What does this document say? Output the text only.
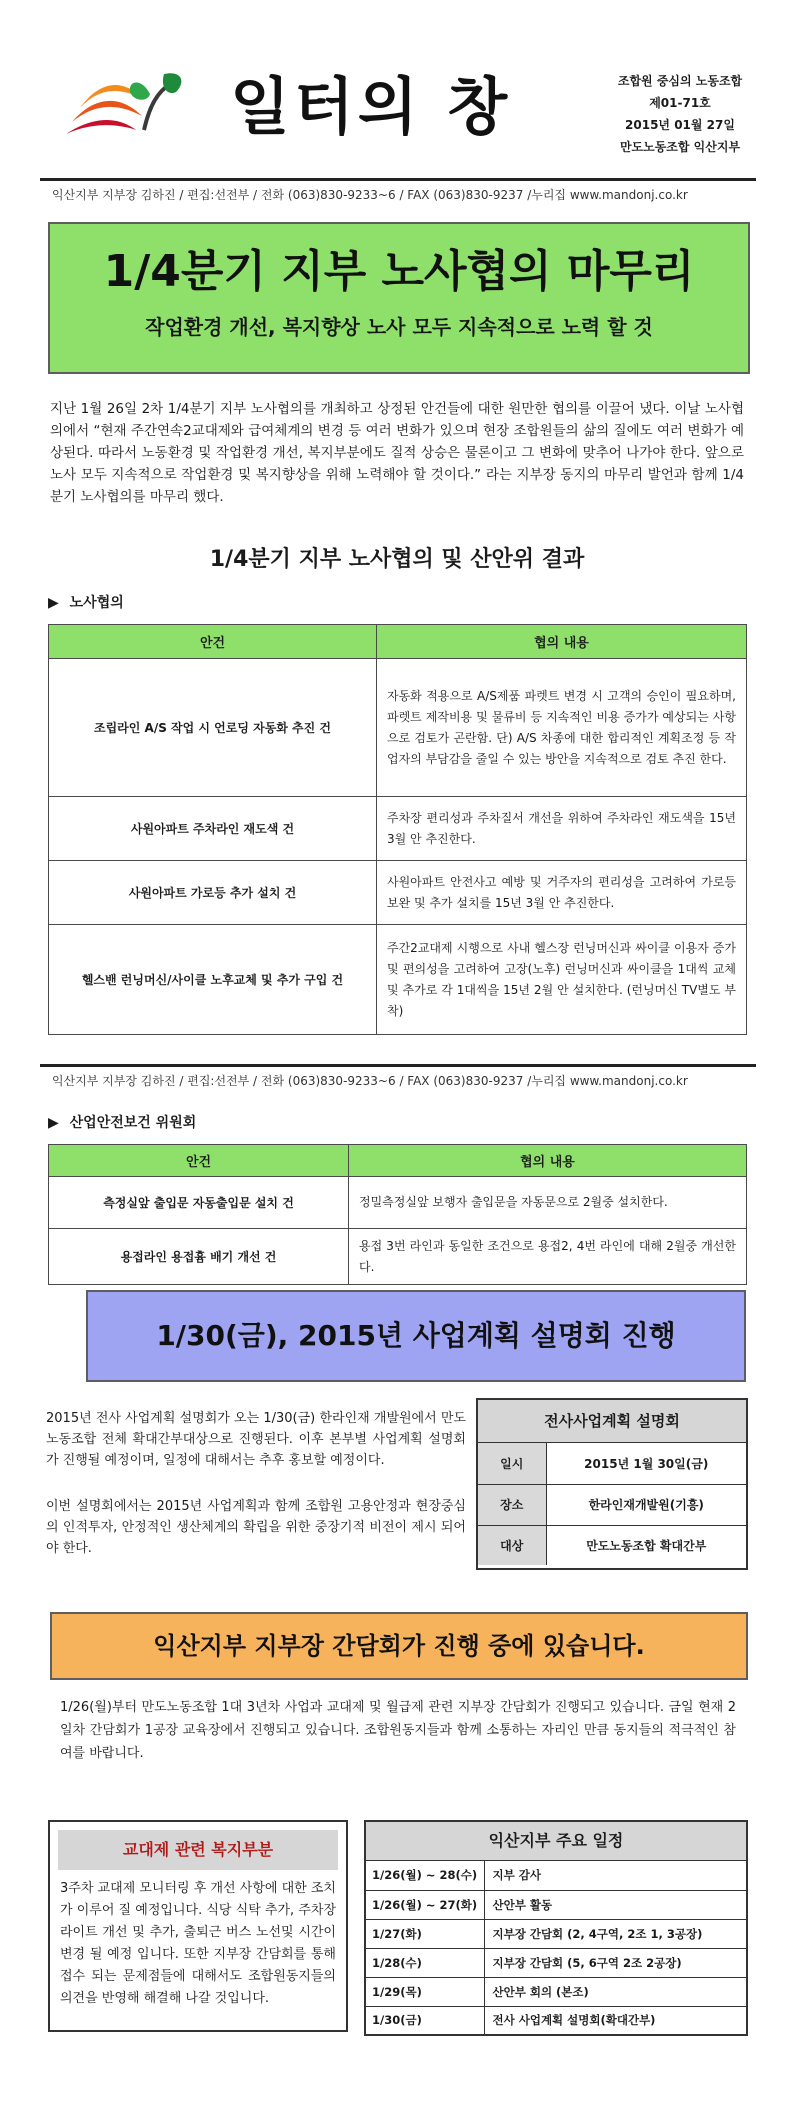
일터의 창	조합원 중심의 노동조합
제01-71호
2015년 01월 27일
만도노동조합 익산지부
익산지부 지부장 김하진 / 편집:선전부 / 전화 (063)830-9233~6 / FAX (063)830-9237 /누리집 www.mandonj.co.kr
1/4분기 지부 노사협의 마무리
작업환경 개선, 복지향상 노사 모두 지속적으로 노력 할 것
지난 1월 26일 2차 1/4분기 지부 노사협의를 개최하고 상정된 안건들에 대한 원만한 협의를 이끌어 냈다. 이날 노사협의에서 “현재 주간연속2교대제와 급여체계의 변경 등 여러 변화가 있으며 현장 조합원들의 삶의 질에도 여러 변화가 예상된다. 따라서 노동환경 및 작업환경 개선, 복지부분에도 질적 상승은 물론이고 그 변화에 맞추어 나가야 한다. 앞으로 노사 모두 지속적으로 작업환경 및 복지향상을 위해 노력해야 할 것이다.” 라는 지부장 동지의 마무리 발언과 함께 1/4분기 노사협의를 마무리 했다.
1/4분기 지부 노사협의 및 산안위 결과
▶ 노사협의
안건	협의 내용
조립라인 A/S 작업 시 언로딩 자동화 추진 건	자동화 적용으로 A/S제품 파렛트 변경 시 고객의 승인이 필요하며, 파렛트 제작비용 및 물류비 등 지속적인 비용 증가가 예상되는 사항으로 검토가 곤란함. 단) A/S 차종에 대한 합리적인 계획조정 등 작업자의 부담감을 줄일 수 있는 방안을 지속적으로 검토 추진 한다.
사원아파트 주차라인 재도색 건	주차장 편리성과 주차질서 개선을 위하여 주차라인 재도색을 15년 3월 안 추진한다.
사원아파트 가로등 추가 설치 건	사원아파트 안전사고 예방 및 거주자의 편리성을 고려하여 가로등 보완 및 추가 설치를 15년 3월 안 추진한다.
헬스밴 런닝머신/사이클 노후교체 및 추가 구입 건	주간2교대제 시행으로 사내 헬스장 런닝머신과 싸이클 이용자 증가 및 편의성을 고려하여 고장(노후) 런닝머신과 싸이클을 1대씩 교체 및 추가로 각 1대씩을 15년 2월 안 설치한다. (런닝머신 TV별도 부착)
익산지부 지부장 김하진 / 편집:선전부 / 전화 (063)830-9233~6 / FAX (063)830-9237 /누리집 www.mandonj.co.kr
▶ 산업안전보건 위원회
안건	협의 내용
측정실앞 출입문 자동출입문 설치 건	정밀측정실앞 보행자 출입문을 자동문으로 2월중 설치한다.
용접라인 용접흄 배기 개선 건	용접 3번 라인과 동일한 조건으로 용접2, 4번 라인에 대해 2월중 개선한다.
1/30(금), 2015년 사업계획 설명회 진행
2015년 전사 사업계획 설명회가 오는 1/30(금) 한라인재 개발원에서 만도노동조합 전체 확대간부대상으로 진행된다. 이후 본부별 사업계획 설명회가 진행될 예정이며, 일정에 대해서는 추후 홍보할 예정이다.
이번 설명회에서는 2015년 사업계획과 함께 조합원 고용안정과 현장중심의 인적투자, 안정적인 생산체계의 확립을 위한 중장기적 비전이 제시 되어야 한다.
전사사업계획 설명회
일시	2015년 1월 30일(금)
장소	한라인재개발원(기흥)
대상	만도노동조합 확대간부
익산지부 지부장 간담회가 진행 중에 있습니다.
1/26(월)부터 만도노동조합 1대 3년차 사업과 교대제 및 월급제 관련 지부장 간담회가 진행되고 있습니다. 금일 현재 2일차 간담회가 1공장 교육장에서 진행되고 있습니다. 조합원동지들과 함께 소통하는 자리인 만큼 동지들의 적극적인 참여를 바랍니다.
교대제 관련 복지부분
3주차 교대제 모니터링 후 개선 사항에 대한 조치가 이루어 질 예정입니다. 식당 식탁 추가, 주차장 라이트 개선 및 추가, 출퇴근 버스 노선및 시간이 변경 될 예정 입니다. 또한 지부장 간담회를 통해 접수 되는 문제점들에 대해서도 조합원동지들의 의견을 반영해 해결해 나갈 것입니다.
익산지부 주요 일정
1/26(월) ~ 28(수)	지부 감사
1/26(월) ~ 27(화)	산안부 활동
1/27(화)	지부장 간담회 (2, 4구역, 2조 1, 3공장)
1/28(수)	지부장 간담회 (5, 6구역 2조 2공장)
1/29(목)	산안부 회의 (본조)
1/30(금)	전사 사업계획 설명회(확대간부)
